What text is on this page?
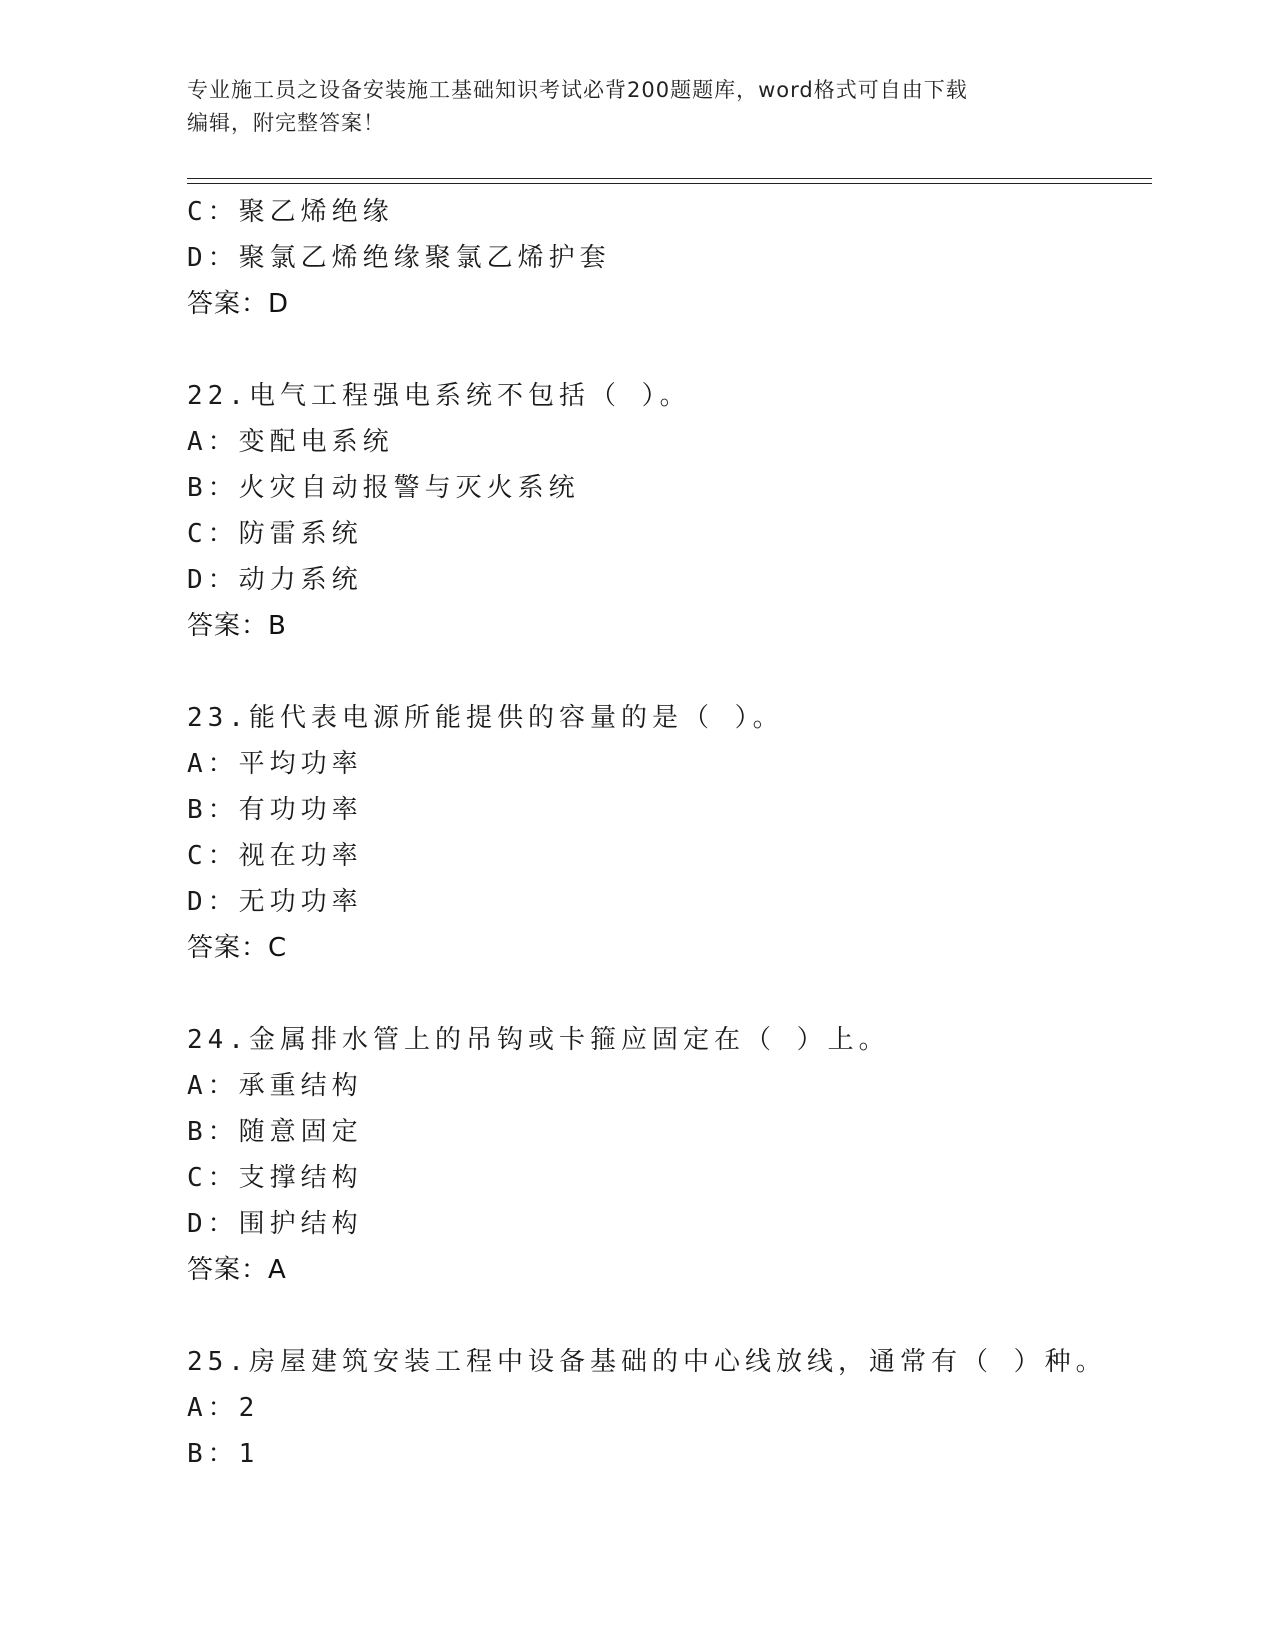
专业施工员之设备安装施工基础知识考试必背200题题库，word格式可自由下载
编辑，附完整答案！
C：聚乙烯绝缘
D：聚氯乙烯绝缘聚氯乙烯护套
答案：D
22.电气工程强电系统不包括（ ）。
A：变配电系统
B：火灾自动报警与灭火系统
C：防雷系统
D：动力系统
答案：B
23.能代表电源所能提供的容量的是（ ）。
A：平均功率
B：有功功率
C：视在功率
D：无功功率
答案：C
24.金属排水管上的吊钩或卡箍应固定在（ ）上。
A：承重结构
B：随意固定
C：支撑结构
D：围护结构
答案：A
25.房屋建筑安装工程中设备基础的中心线放线，通常有（ ）种。
A：2
B：1
